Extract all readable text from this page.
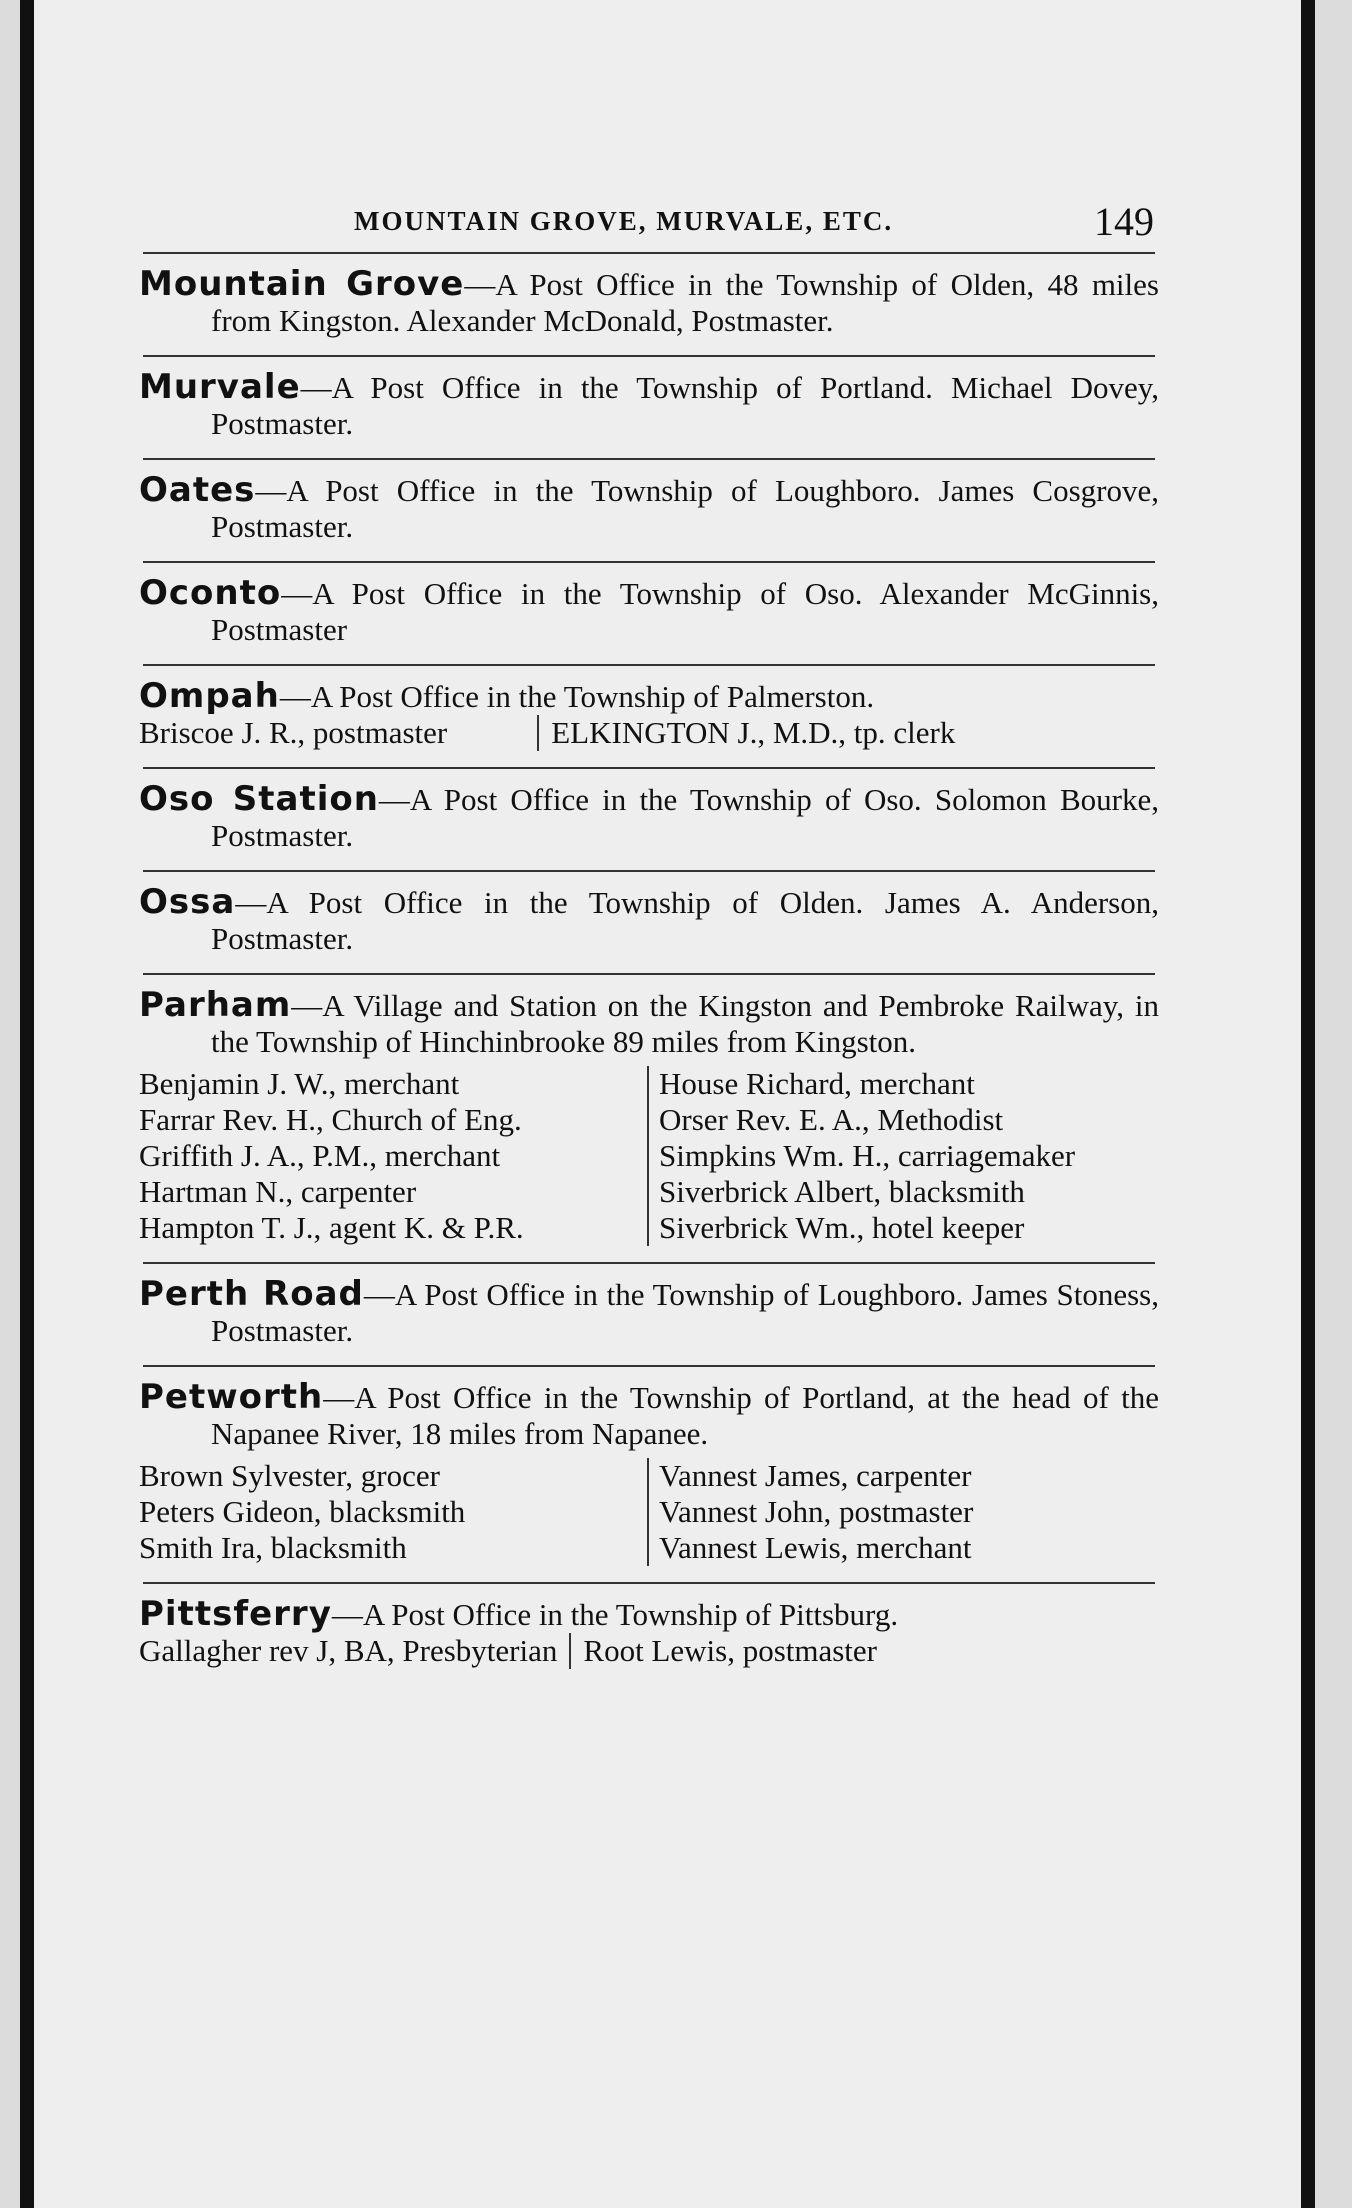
MOUNTAIN GROVE, MURVALE, ETC.	149

Mountain Grove—A Post Office in the Township of Olden, 48 miles from Kingston. Alexander McDonald, Postmaster.

Murvale—A Post Office in the Township of Portland. Michael Dovey, Postmaster.

Oates—A Post Office in the Township of Loughboro. James Cosgrove, Postmaster.

Oconto—A Post Office in the Township of Oso. Alexander McGinnis, Postmaster

Ompah—A Post Office in the Township of Palmerston.

Briscoe J. R., postmaster	ELKINGTON J., M.D., tp. clerk

Oso Station—A Post Office in the Township of Oso. Solomon Bourke, Postmaster.

Ossa—A Post Office in the Township of Olden. James A. Anderson, Postmaster.

Parham—A Village and Station on the Kingston and Pembroke Railway, in the Township of Hinchinbrooke 89 miles from Kingston.

Benjamin J. W., merchant
Farrar Rev. H., Church of Eng.
Griffith J. A., P.M., merchant
Hartman N., carpenter
Hampton T. J., agent K. & P.R.
House Richard, merchant
Orser Rev. E. A., Methodist
Simpkins Wm. H., carriagemaker
Siverbrick Albert, blacksmith
Siverbrick Wm., hotel keeper

Perth Road—A Post Office in the Township of Loughboro. James Stoness, Postmaster.

Petworth—A Post Office in the Township of Portland, at the head of the Napanee River, 18 miles from Napanee.

Brown Sylvester, grocer
Peters Gideon, blacksmith
Smith Ira, blacksmith
Vannest James, carpenter
Vannest John, postmaster
Vannest Lewis, merchant

Pittsferry—A Post Office in the Township of Pittsburg.

Gallagher rev J, BA, Presbyterian Root Lewis, postmaster
